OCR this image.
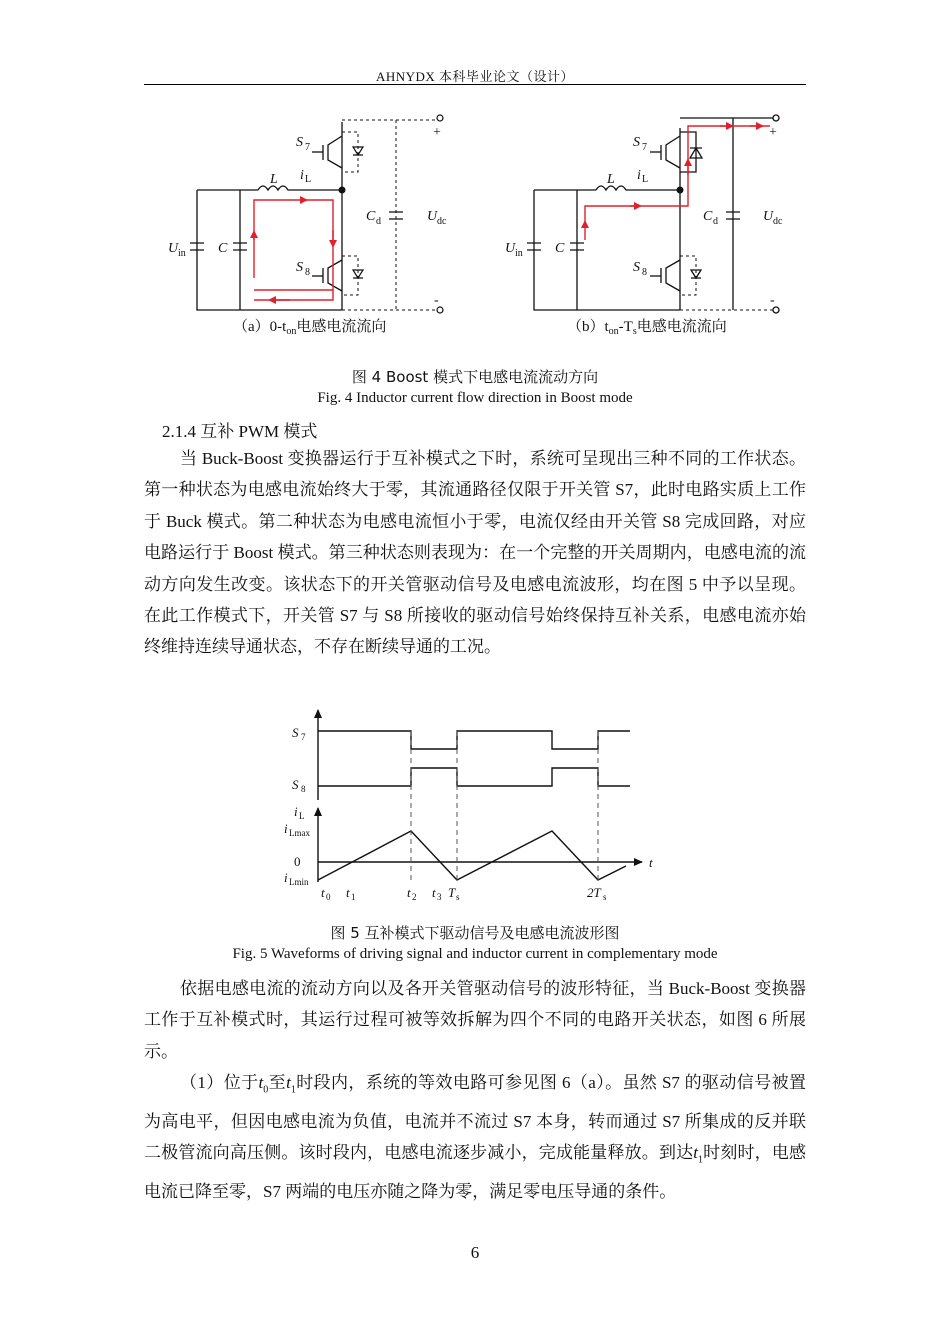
AHNYDX 本科毕业论文（设计）
S 7
S 8
L i L
U in C
C d	U dc
+
-
S 7
S 8
L i L
U in C
C d	U dc
+
-
$(a)0-t_{on}$电感电流流向	$(b)t_{on}-T_s$电感电流流向
图 4 Boost 模式下电感电流流动方向
Fig. 4 Inductor current flow direction in Boost mode
2.1.4 互补 PWM 模式

当 Buck-Boost 变换器运行于互补模式之下时，系统可呈现出三种不同的工作状态。第一种状态为电感电流始终大于零，其流通路径仅限于开关管 S7，此时电路实质上工作于 Buck 模式。第二种状态为电感电流恒小于零，电流仅经由开关管 S8 完成回路，对应电路运行于 Boost 模式。第三种状态则表现为：在一个完整的开关周期内，电感电流的流动方向发生改变。该状态下的开关管驱动信号及电感电流波形，均在图 5 中予以呈现。在此工作模式下，开关管 S7 与 S8 所接收的驱动信号始终保持互补关系，电感电流亦始终维持连续导通状态，不存在断续导通的工况。

S 7
S 8
i L
i Lmax
0
i Lmin
t
t 0 t 1	t 2 t 3 T s	2T s
图 5 互补模式下驱动信号及电感电流波形图
Fig. 5 Waveforms of driving signal and inductor current in complementary mode

依据电感电流的流动方向以及各开关管驱动信号的波形特征，当 Buck-Boost 变换器工作于互补模式时，其运行过程可被等效拆解为四个不同的电路开关状态，如图 6 所展示。

（1）位于$t_0$至$t_1$时段内，系统的等效电路可参见图 6（a）。虽然 S7 的驱动信号被置为高电平，但因电感电流为负值，电流并不流过 S7 本身，转而通过 S7 所集成的反并联二极管流向高压侧。该时段内，电感电流逐步减小，完成能量释放。到达$t_1$时刻时，电感电流已降至零，S7 两端的电压亦随之降为零，满足零电压导通的条件。

6
